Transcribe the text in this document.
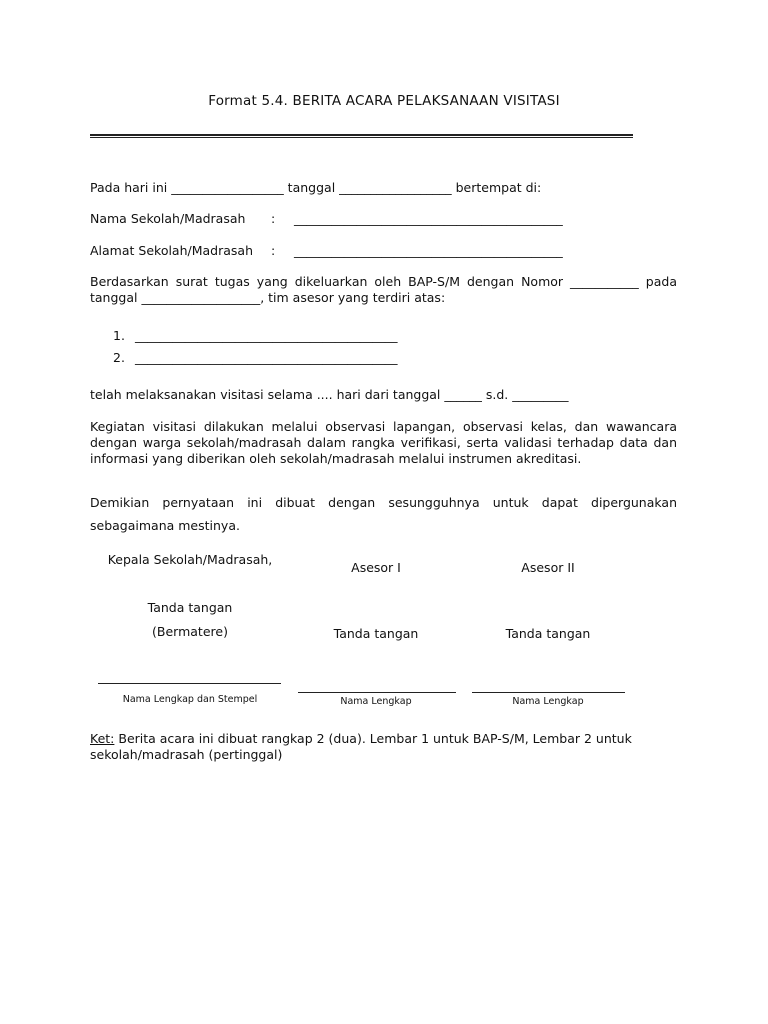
Format 5.4. BERITA ACARA PELAKSANAAN VISITASI
Pada hari ini __________________ tanggal __________________ bertempat di:
Nama Sekolah/Madrasah : ___________________________________________
Alamat Sekolah/Madrasah : ___________________________________________
Berdasarkan surat tugas yang dikeluarkan oleh BAP-S/M dengan Nomor ___________ pada tanggal ___________________, tim asesor yang terdiri atas:
1. __________________________________________
2. __________________________________________
telah melaksanakan visitasi selama .... hari dari tanggal ______ s.d. _________
Kegiatan visitasi dilakukan melalui observasi lapangan, observasi kelas, dan wawancara dengan warga sekolah/madrasah dalam rangka verifikasi, serta validasi terhadap data dan informasi yang diberikan oleh sekolah/madrasah melalui instrumen akreditasi.
Demikian pernyataan ini dibuat dengan sesungguhnya untuk dapat dipergunakan sebagaimana mestinya.
Kepala Sekolah/Madrasah,
Tanda tangan
(Bermatere)
Nama Lengkap dan Stempel
Asesor I
Tanda tangan
Nama Lengkap
Asesor II
Tanda tangan
Nama Lengkap
Ket: Berita acara ini dibuat rangkap 2 (dua). Lembar 1 untuk BAP-S/M, Lembar 2 untuk sekolah/madrasah (pertinggal)
